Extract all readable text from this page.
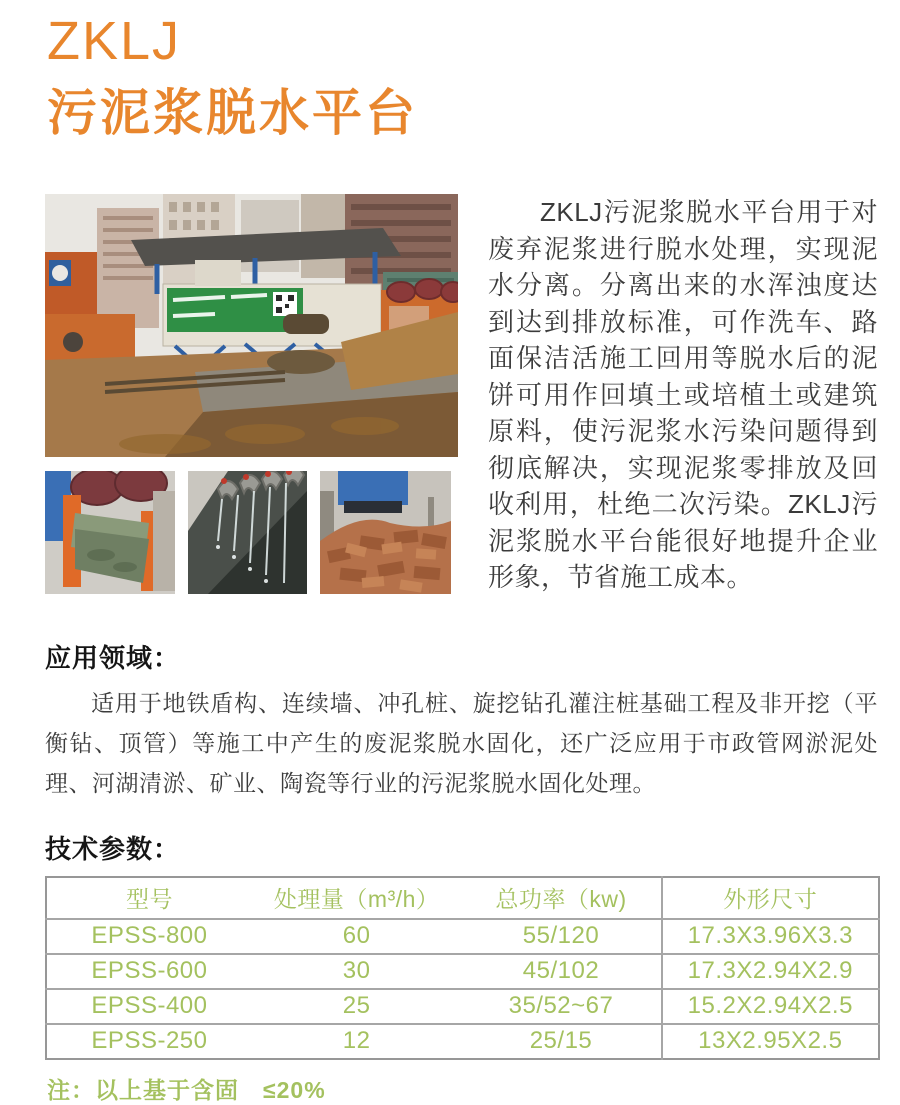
ZKLJ
污泥浆脱水平台

ZKLJ污泥浆脱水平台用于对废弃泥浆进行脱水处理，实现泥水分离。分离出来的水浑浊度达到达到排放标准，可作洗车、路面保洁活施工回用等脱水后的泥饼可用作回填土或培植土或建筑原料，使污泥浆水污染问题得到彻底解决，实现泥浆零排放及回收利用，杜绝二次污染。ZKLJ污泥浆脱水平台能很好地提升企业形象，节省施工成本。

应用领域：

适用于地铁盾构、连续墙、冲孔桩、旋挖钻孔灌注桩基础工程及非开挖（平衡钻、顶管）等施工中产生的废泥浆脱水固化，还广泛应用于市政管网淤泥处理、河湖清淤、矿业、陶瓷等行业的污泥浆脱水固化处理。

技术参数：
型号	处理量（m³/h）	总功率（kw)	外形尺寸
EPSS-800	60	55/120	17.3X3.96X3.3
EPSS-600	30	45/102	17.3X2.94X2.9
EPSS-400	25	35/52~67	15.2X2.94X2.5
EPSS-250	12	25/15	13X2.95X2.5

注：以上基于含固　≤20%
